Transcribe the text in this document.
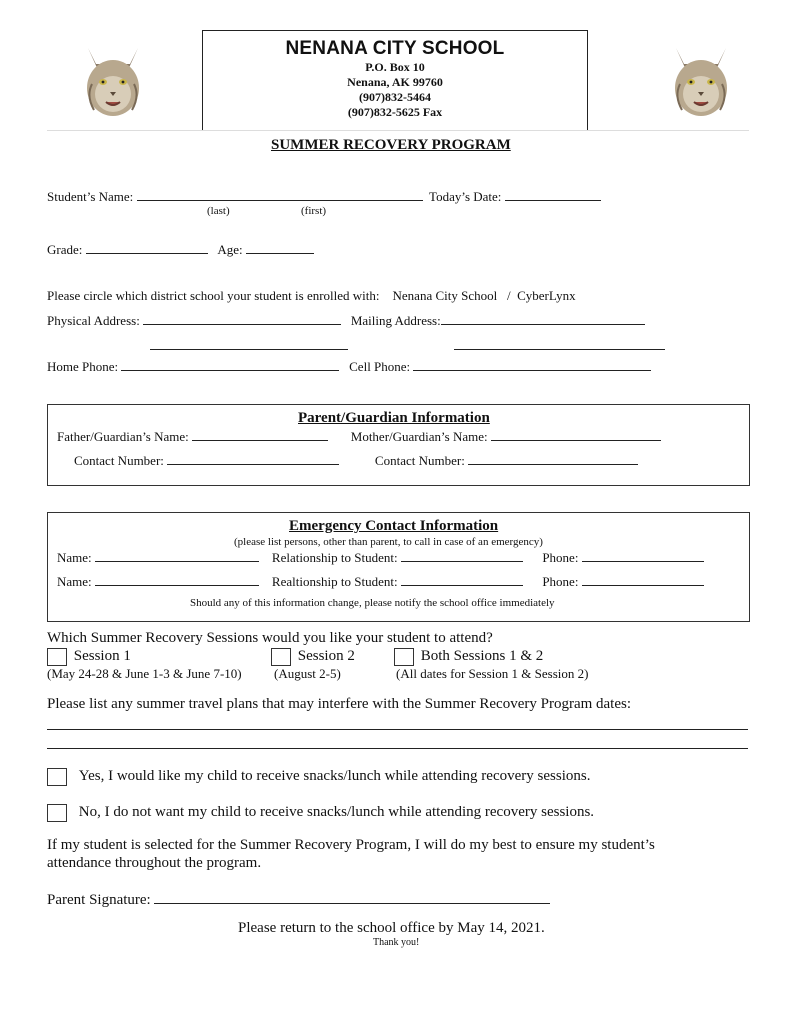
NENANA CITY SCHOOL
P.O. Box 10
Nenana, AK 99760
(907)832-5464
(907)832-5625 Fax
SUMMER RECOVERY PROGRAM
Student’s Name:	Today’s Date:
(last)	(first)
Grade:	Age:
Please circle which district school your student is enrolled with: Nenana City School   /  CyberLynx
Physical Address:	Mailing Address:
Home Phone:	Cell Phone:
Parent/Guardian Information
Father/Guardian’s Name:	Mother/Guardian’s Name:
Contact Number:	Contact Number:
Emergency Contact Information
(please list persons, other than parent, to call in case of an emergency)
Name:	Relationship to Student:	Phone:
Name:	Realtionship to Student:	Phone:
Should any of this information change, please notify the school office immediately
Which Summer Recovery Sessions would you like your student to attend?
Session 1
(May 24-28 & June 1-3 & June 7-10)
Session 2
(August 2-5)
Both Sessions 1 & 2
(All dates for Session 1 & Session 2)
Please list any summer travel plans that may interfere with the Summer Recovery Program dates:
Yes, I would like my child to receive snacks/lunch while attending recovery sessions.
No, I do not want my child to receive snacks/lunch while attending recovery sessions.
If my student is selected for the Summer Recovery Program, I will do my best to ensure my student’s
attendance throughout the program.
Parent Signature:
Please return to the school office by May 14, 2021.
Thank you!
